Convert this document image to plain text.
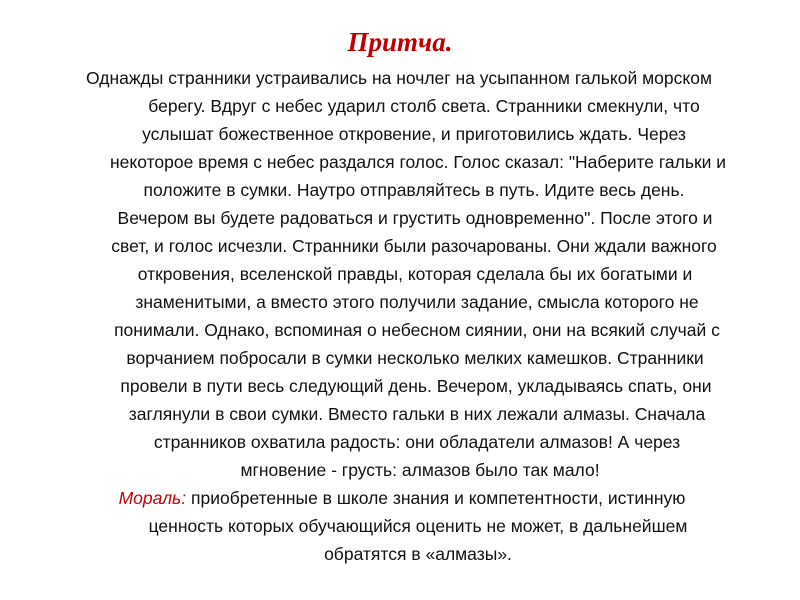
Притча.
Однажды странники устраивались на ночлег на усыпанном галькой морском
берегу. Вдруг с небес ударил столб света. Странники смекнули, что
услышат божественное откровение, и приготовились ждать. Через
некоторое время с небес раздался голос. Голос сказал: "Наберите гальки и
положите в сумки. Наутро отправляйтесь в путь. Идите весь день.
Вечером вы будете радоваться и грустить одновременно". После этого и
свет, и голос исчезли. Странники были разочарованы. Они ждали важного
откровения, вселенской правды, которая сделала бы их богатыми и
знаменитыми, а вместо этого получили задание, смысла которого не
понимали. Однако, вспоминая о небесном сиянии, они на всякий случай с
ворчанием побросали в сумки несколько мелких камешков. Странники
провели в пути весь следующий день. Вечером, укладываясь спать, они
заглянули в свои сумки. Вместо гальки в них лежали алмазы. Сначала
странников охватила радость: они обладатели алмазов! А через
мгновение - грусть: алмазов было так мало!
Мораль: приобретенные в школе знания и компетентности, истинную
ценность которых обучающийся оценить не может, в дальнейшем
обратятся в «алмазы».
